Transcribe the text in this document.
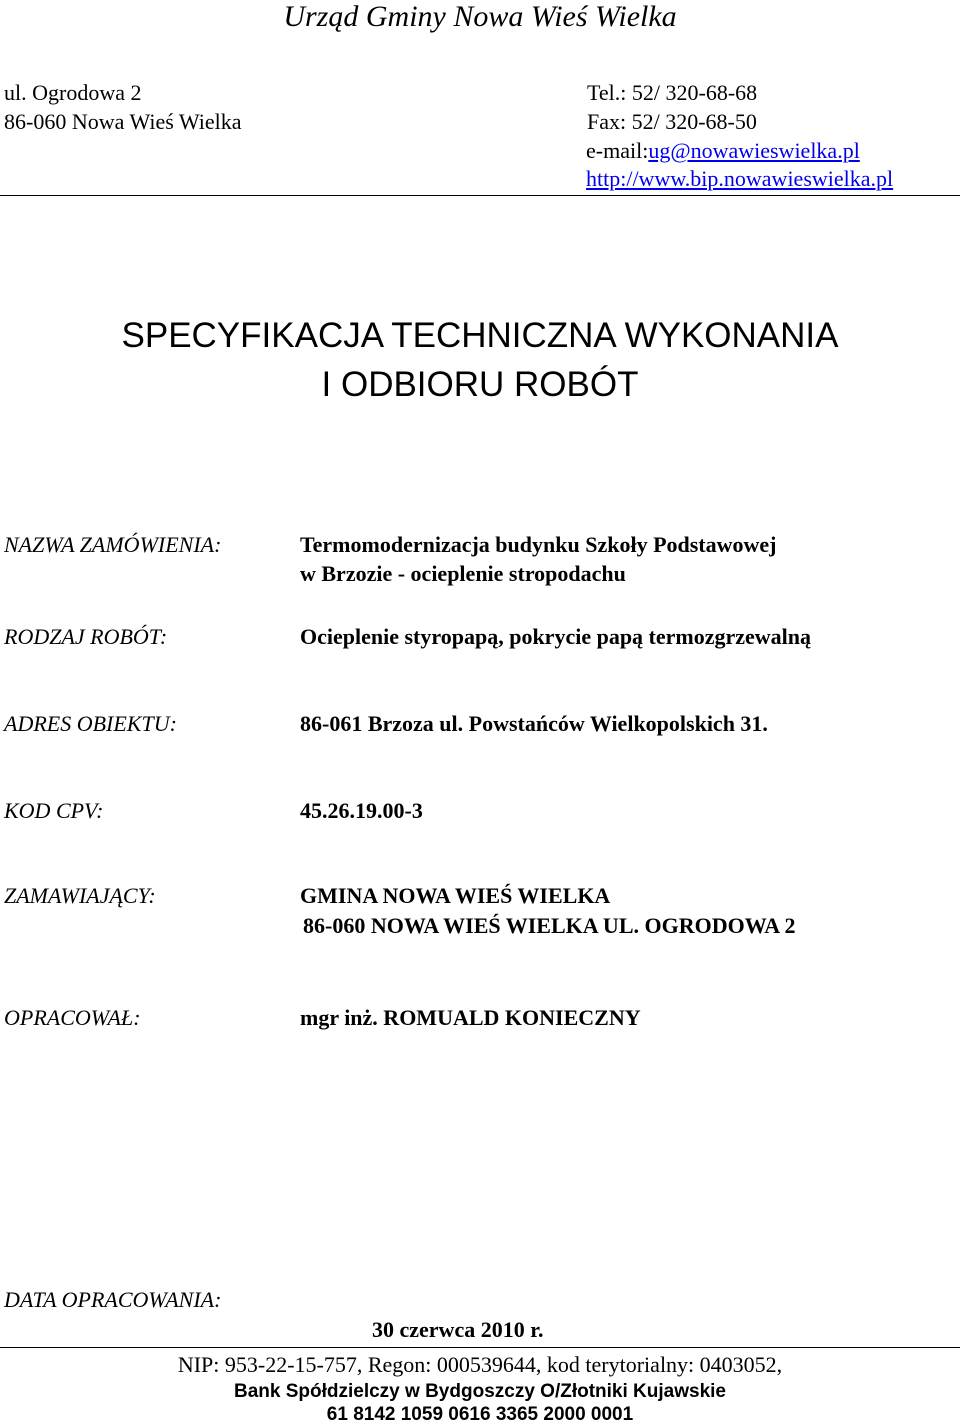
Urząd Gminy Nowa Wieś Wielka
ul. Ogrodowa 2
86-060 Nowa Wieś Wielka
Tel.: 52/ 320-68-68
Fax: 52/ 320-68-50
e-mail:ug@nowawieswielka.pl
http://www.bip.nowawieswielka.pl
SPECYFIKACJA TECHNICZNA WYKONANIA
I ODBIORU ROBÓT
NAZWA ZAMÓWIENIA:	Termomodernizacja budynku Szkoły Podstawowej
w Brzozie - ocieplenie stropodachu
RODZAJ ROBÓT:	Ocieplenie styropapą, pokrycie papą termozgrzewalną
ADRES OBIEKTU:	86-061 Brzoza ul. Powstańców Wielkopolskich 31.
KOD CPV:	45.26.19.00-3
ZAMAWIAJĄCY:	GMINA NOWA WIEŚ WIELKA
86-060 NOWA WIEŚ WIELKA UL. OGRODOWA 2
OPRACOWAŁ:	mgr inż. ROMUALD KONIECZNY
DATA OPRACOWANIA:
30 czerwca 2010 r.
NIP: 953-22-15-757, Regon: 000539644, kod terytorialny: 0403052,
Bank Spółdzielczy w Bydgoszczy O/Złotniki Kujawskie
61 8142 1059 0616 3365 2000 0001
